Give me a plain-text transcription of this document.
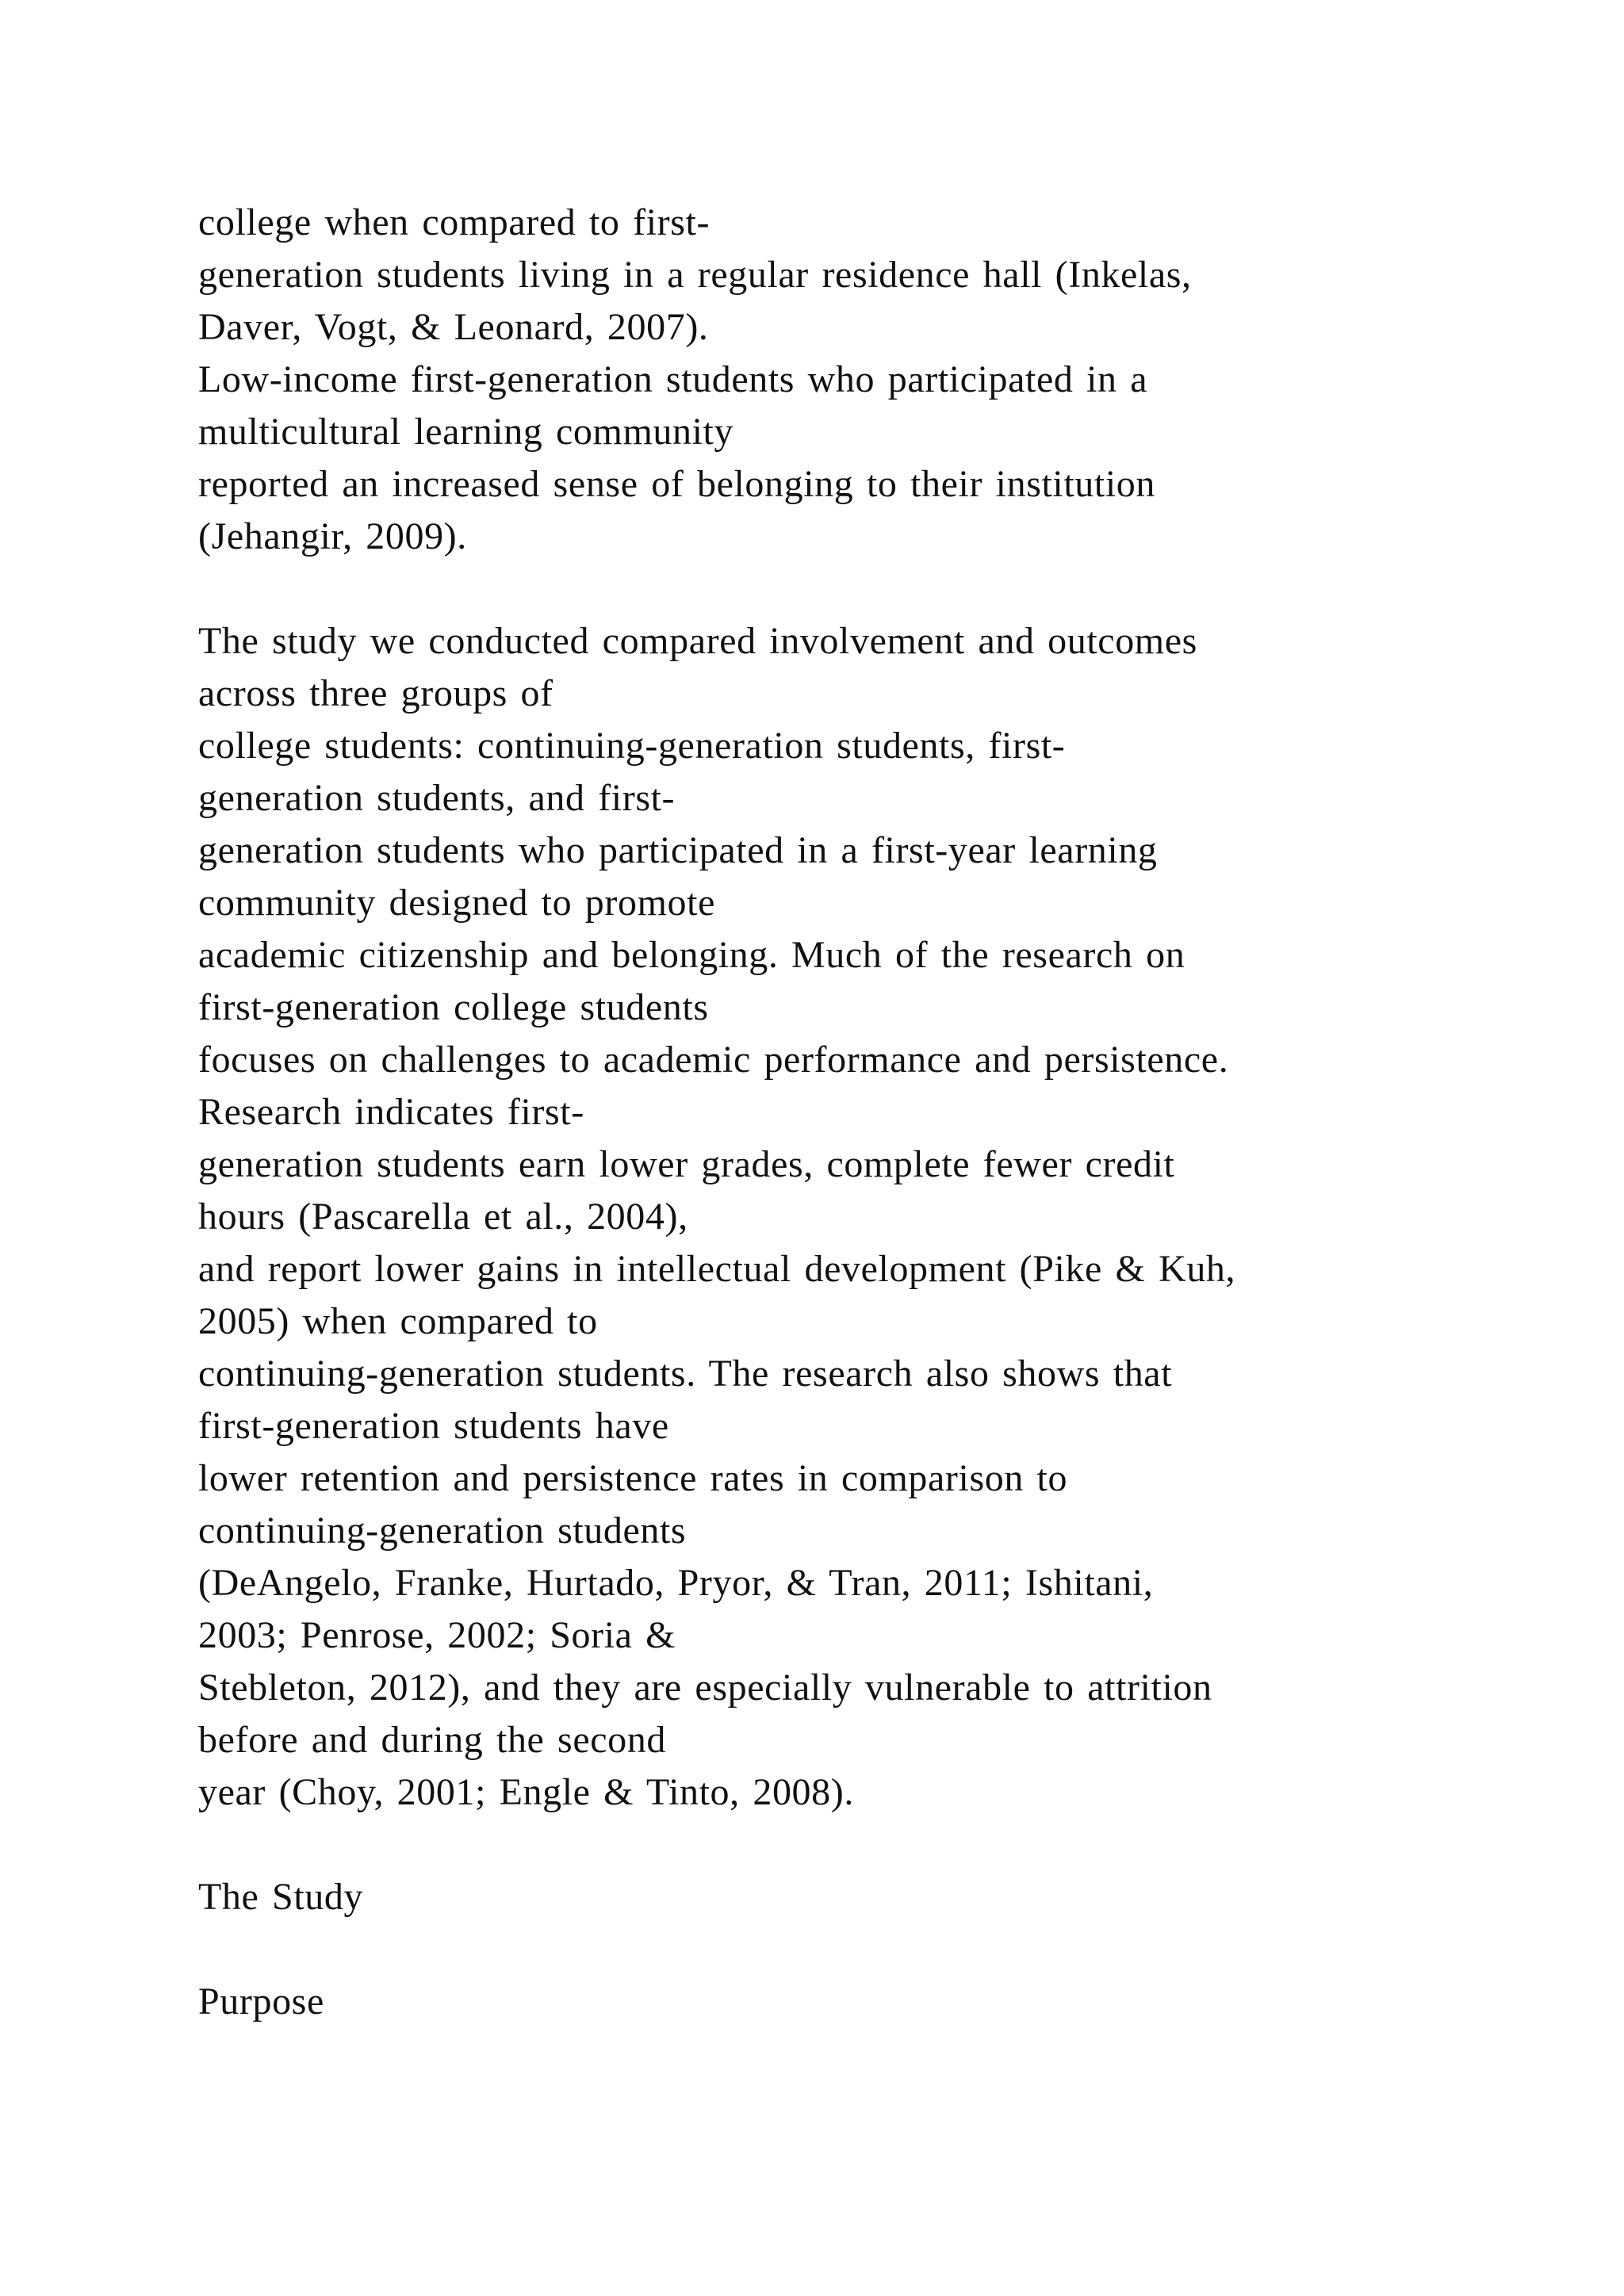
college when compared to first-
generation students living in a regular residence hall (Inkelas,
Daver, Vogt, & Leonard, 2007).
Low-income first-generation students who participated in a
multicultural learning community
reported an increased sense of belonging to their institution
(Jehangir, 2009).
The study we conducted compared involvement and outcomes
across three groups of
college students: continuing-generation students, first-
generation students, and first-
generation students who participated in a first-year learning
community designed to promote
academic citizenship and belonging. Much of the research on
first-generation college students
focuses on challenges to academic performance and persistence.
Research indicates first-
generation students earn lower grades, complete fewer credit
hours (Pascarella et al., 2004),
and report lower gains in intellectual development (Pike & Kuh,
2005) when compared to
continuing-generation students. The research also shows that
first-generation students have
lower retention and persistence rates in comparison to
continuing-generation students
(DeAngelo, Franke, Hurtado, Pryor, & Tran, 2011; Ishitani,
2003; Penrose, 2002; Soria &
Stebleton, 2012), and they are especially vulnerable to attrition
before and during the second
year (Choy, 2001; Engle & Tinto, 2008).
The Study
Purpose
